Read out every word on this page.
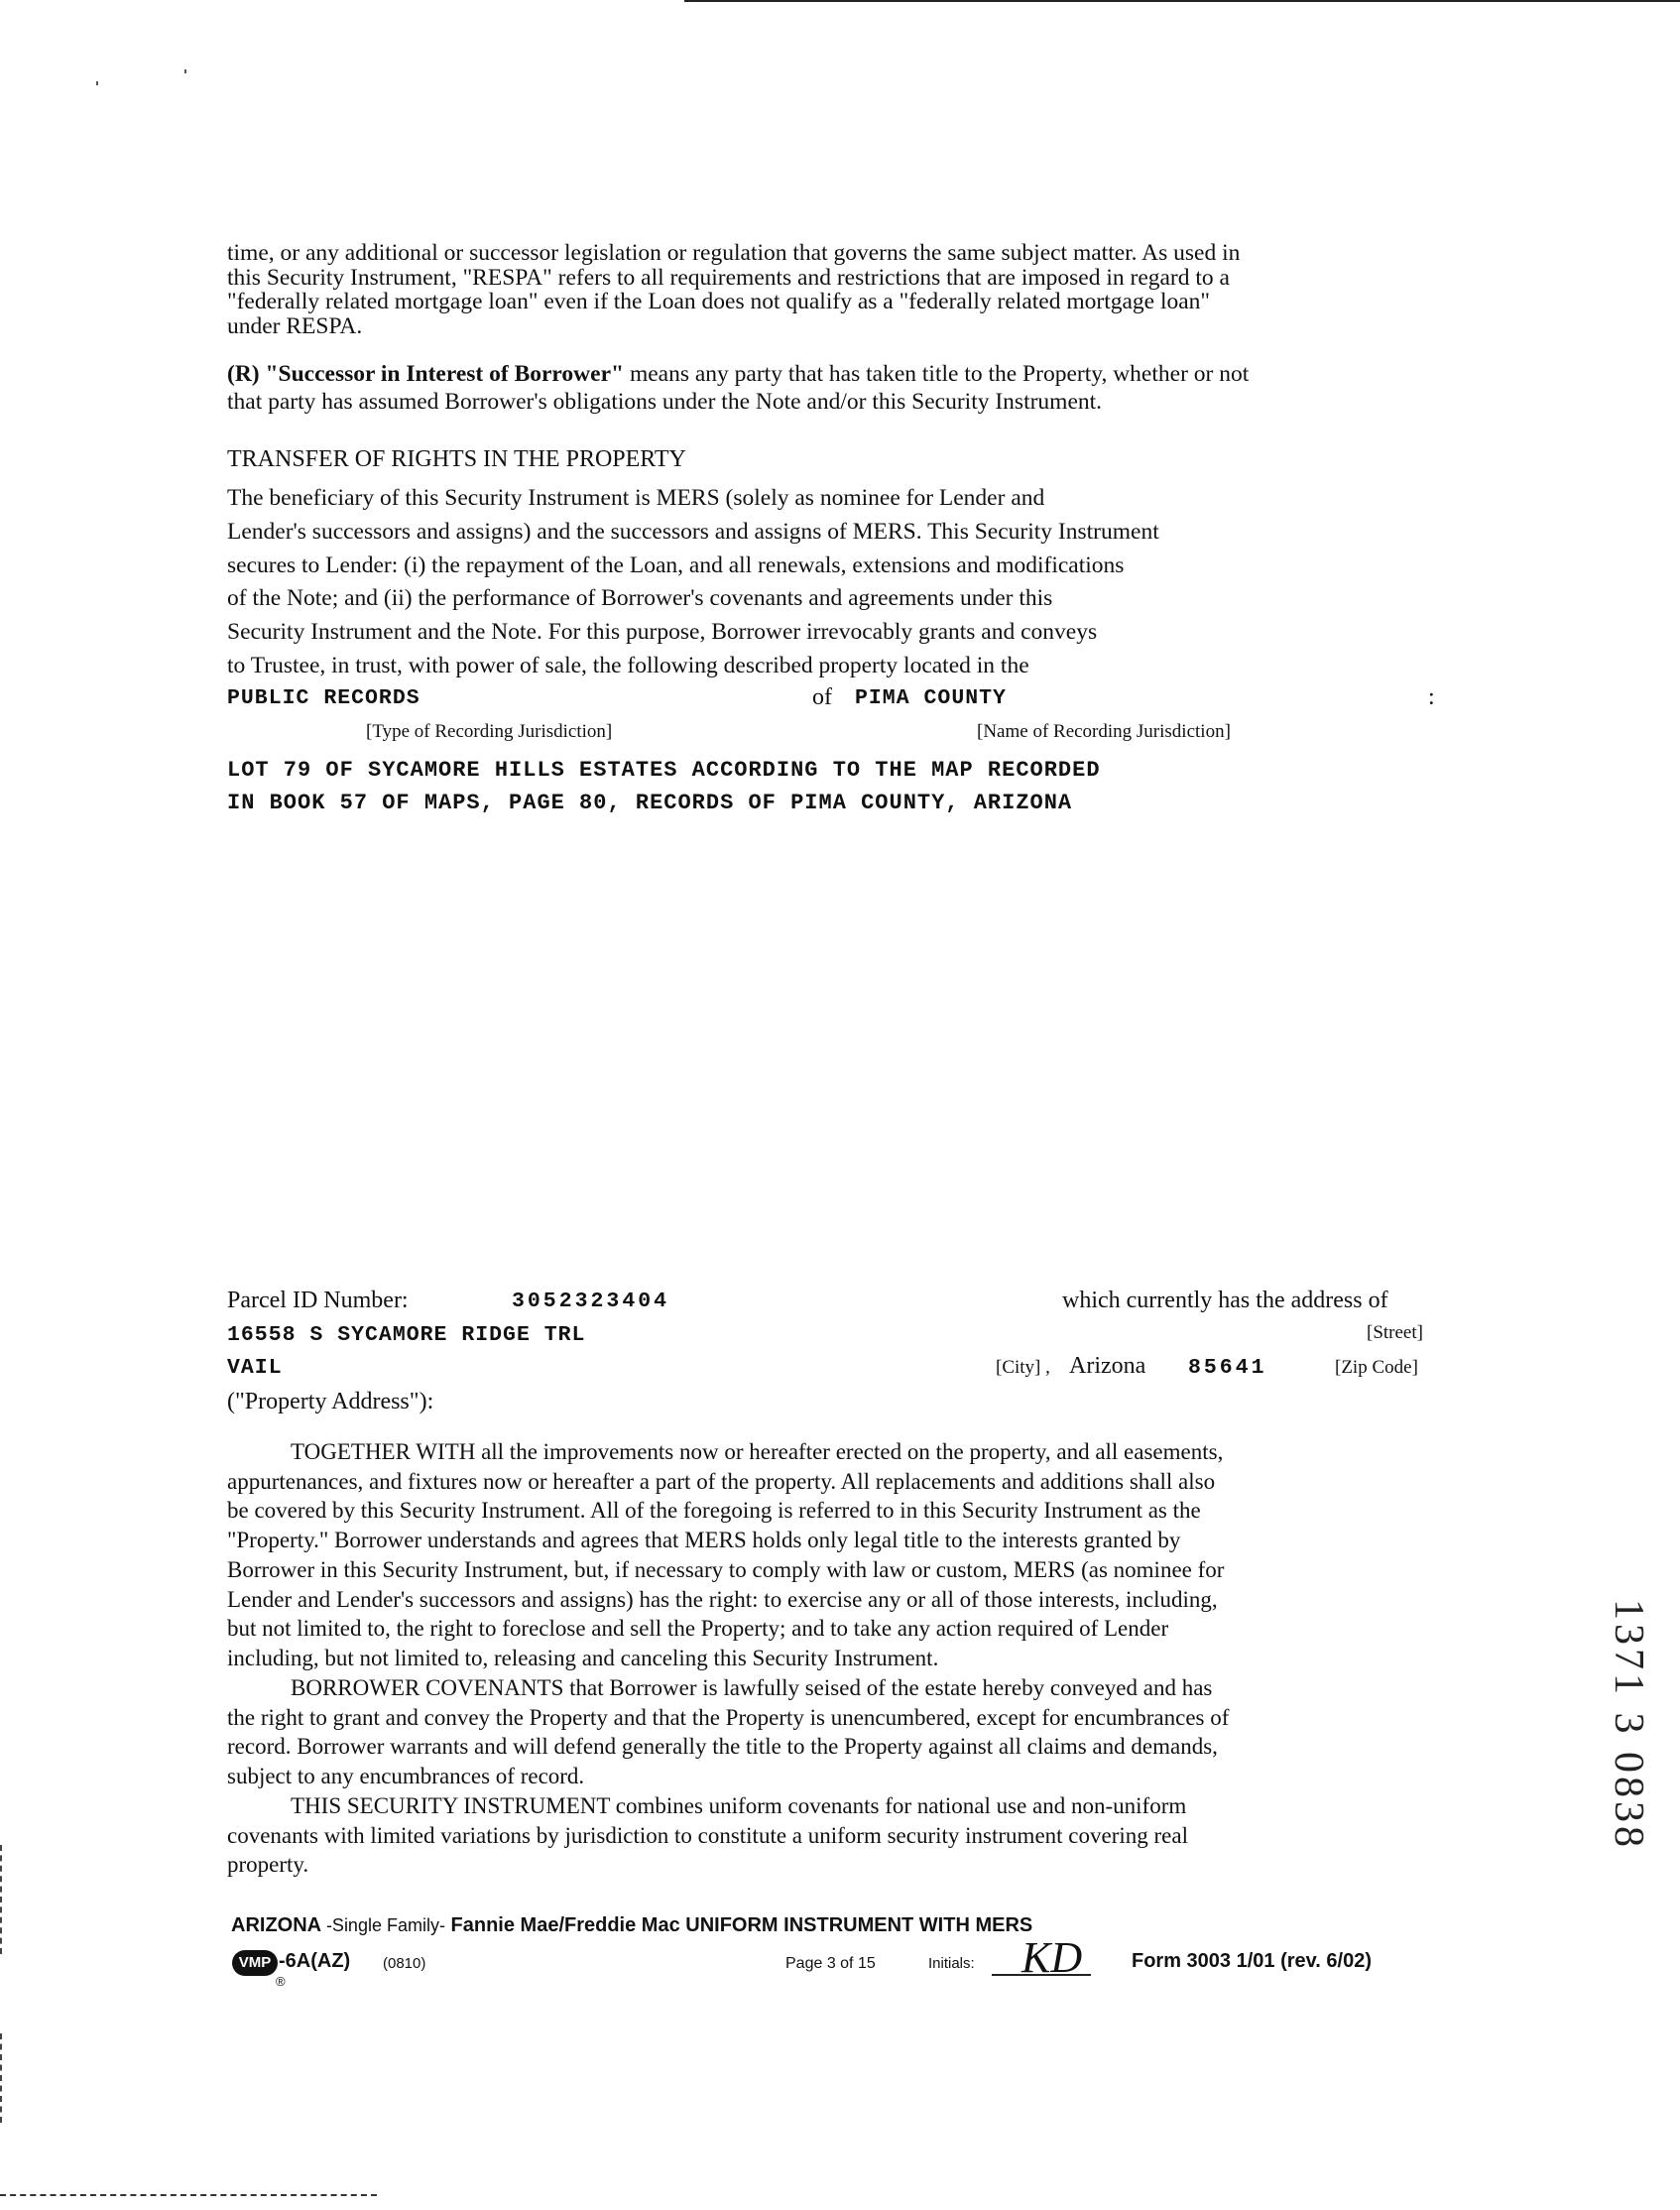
time, or any additional or successor legislation or regulation that governs the same subject matter. As used in
this Security Instrument, "RESPA" refers to all requirements and restrictions that are imposed in regard to a
"federally related mortgage loan" even if the Loan does not qualify as a "federally related mortgage loan"
under RESPA.
(R) "Successor in Interest of Borrower" means any party that has taken title to the Property, whether or not
that party has assumed Borrower's obligations under the Note and/or this Security Instrument.
TRANSFER OF RIGHTS IN THE PROPERTY
The beneficiary of this Security Instrument is MERS (solely as nominee for Lender and
Lender's successors and assigns) and the successors and assigns of MERS. This Security Instrument
secures to Lender: (i) the repayment of the Loan, and all renewals, extensions and modifications
of the Note; and (ii) the performance of Borrower's covenants and agreements under this
Security Instrument and the Note. For this purpose, Borrower irrevocably grants and conveys
to Trustee, in trust, with power of sale, the following described property located in the
PUBLIC RECORDS	of PIMA COUNTY	:
[Type of Recording Jurisdiction]	[Name of Recording Jurisdiction]
LOT 79 OF SYCAMORE HILLS ESTATES ACCORDING TO THE MAP RECORDED
IN BOOK 57 OF MAPS, PAGE 80, RECORDS OF PIMA COUNTY, ARIZONA
Parcel ID Number:	3052323404	which currently has the address of
16558 S SYCAMORE RIDGE TRL	[Street]
VAIL	[City] , Arizona 85641	[Zip Code]
("Property Address"):
TOGETHER WITH all the improvements now or hereafter erected on the property, and all easements,
appurtenances, and fixtures now or hereafter a part of the property. All replacements and additions shall also
be covered by this Security Instrument. All of the foregoing is referred to in this Security Instrument as the
"Property." Borrower understands and agrees that MERS holds only legal title to the interests granted by
Borrower in this Security Instrument, but, if necessary to comply with law or custom, MERS (as nominee for
Lender and Lender's successors and assigns) has the right: to exercise any or all of those interests, including,
but not limited to, the right to foreclose and sell the Property; and to take any action required of Lender
including, but not limited to, releasing and canceling this Security Instrument.
BORROWER COVENANTS that Borrower is lawfully seised of the estate hereby conveyed and has
the right to grant and convey the Property and that the Property is unencumbered, except for encumbrances of
record. Borrower warrants and will defend generally the title to the Property against all claims and demands,
subject to any encumbrances of record.
THIS SECURITY INSTRUMENT combines uniform covenants for national use and non-uniform
covenants with limited variations by jurisdiction to constitute a uniform security instrument covering real
property.
ARIZONA -Single Family- Fannie Mae/Freddie Mac UNIFORM INSTRUMENT WITH MERS
VMP
®
-6A(AZ) (0810)	Page 3 of 15	Initials: KD Form 3003 1/01 (rev. 6/02)
1371 3 0838
